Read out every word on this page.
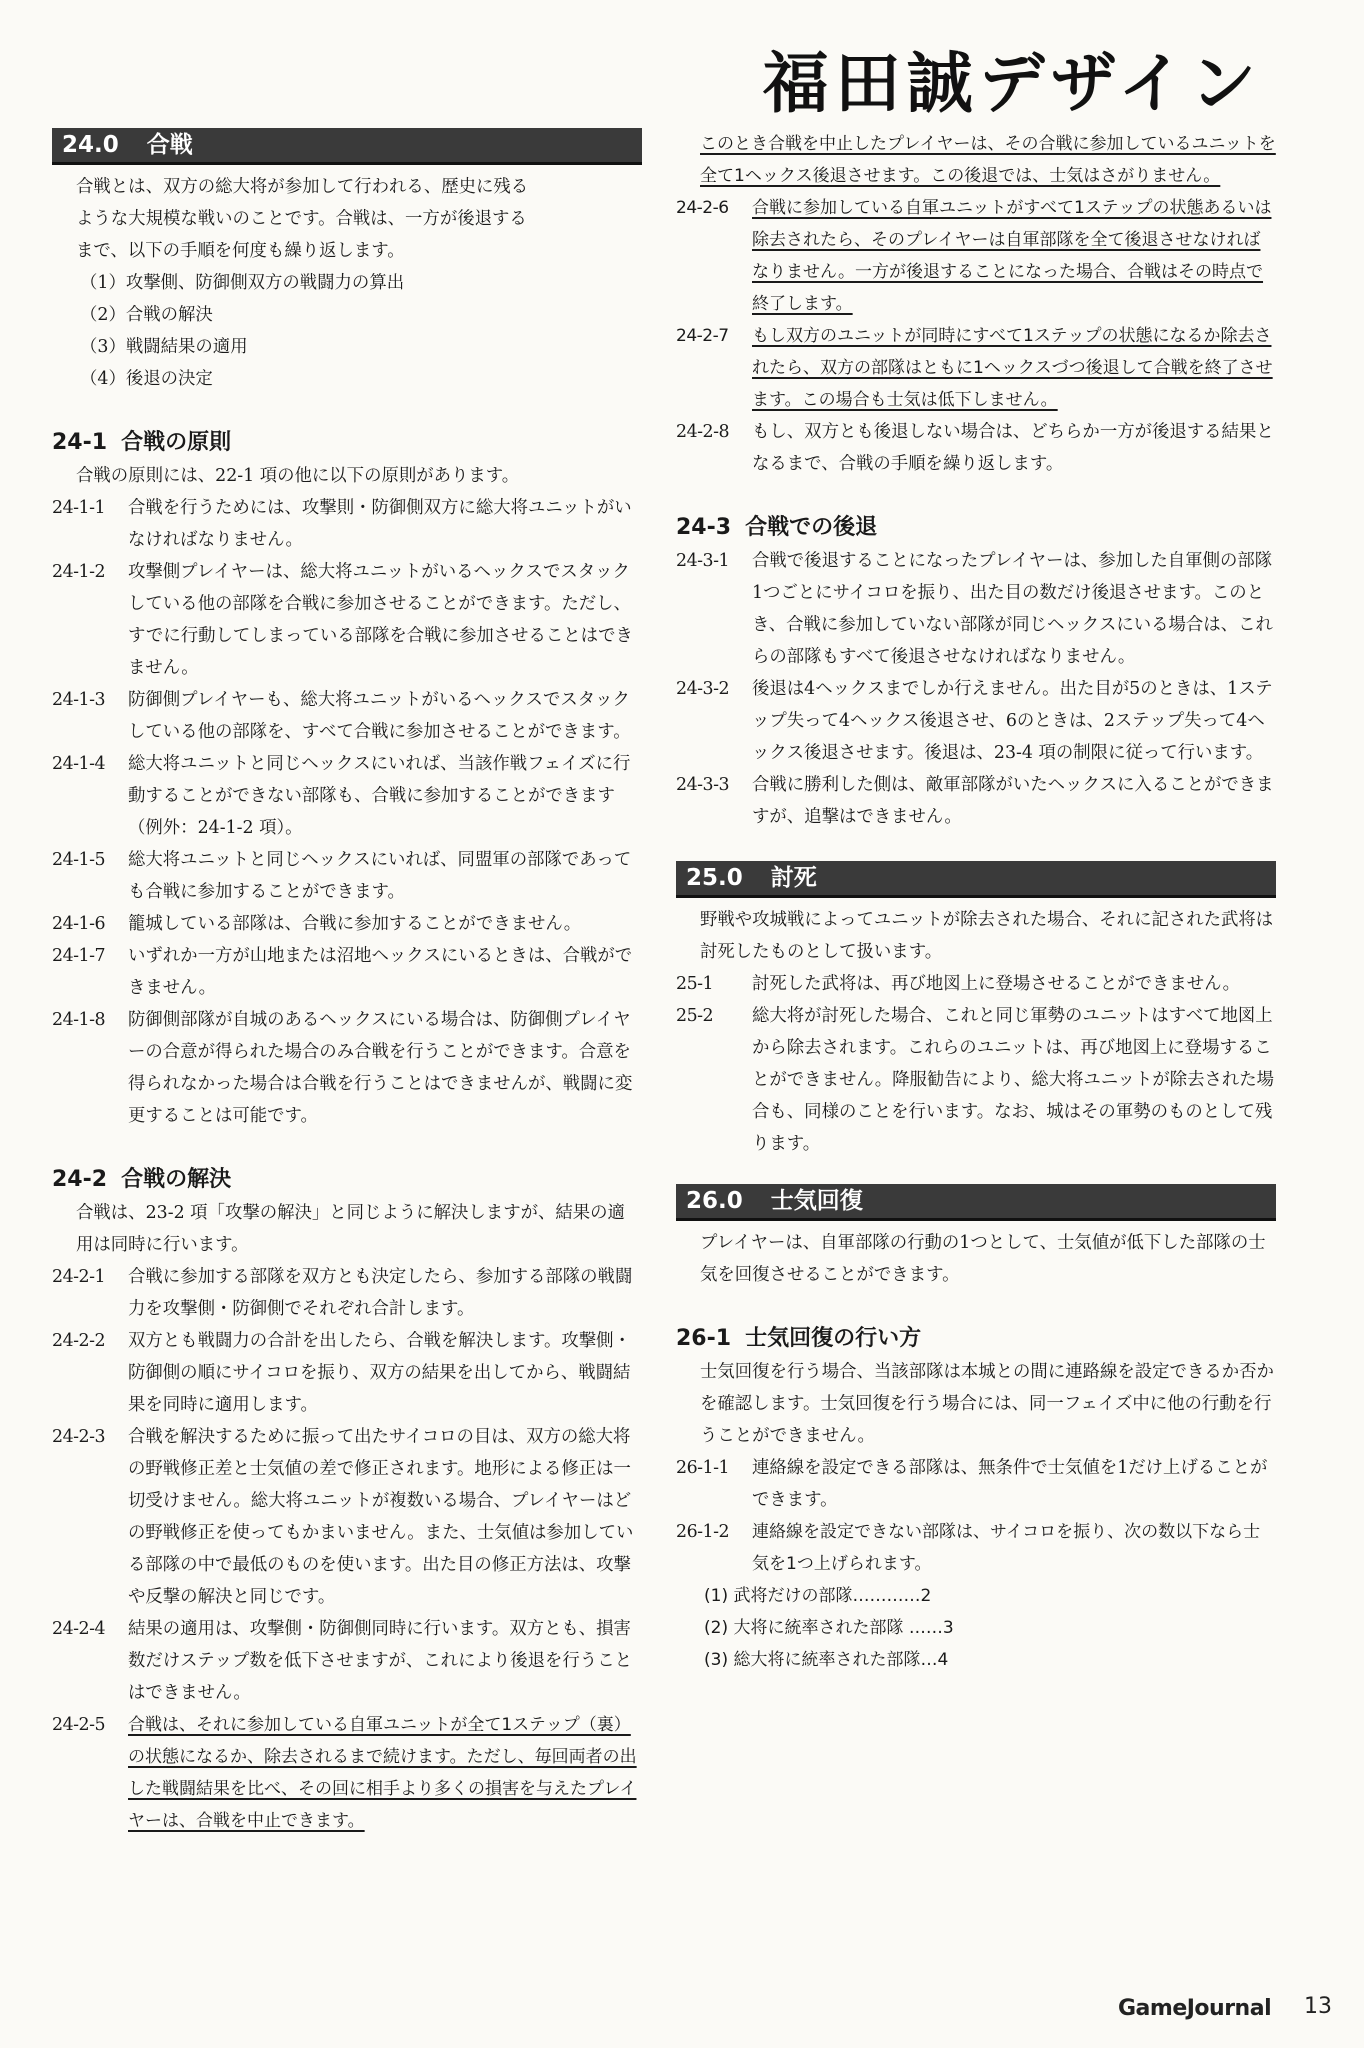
福田誠デザイン
24.0 合戦
合戦とは、双方の総大将が参加して行われる、歴史に残る
ような大規模な戦いのことです。合戦は、一方が後退する
まで、以下の手順を何度も繰り返します。
（1）攻撃側、防御側双方の戦闘力の算出
（2）合戦の解決
（3）戦闘結果の適用
（4）後退の決定
24-1 合戦の原則
合戦の原則には、22-1 項の他に以下の原則があります。
24-1-1	合戦を行うためには、攻撃則・防御側双方に総大将ユニットがいなければなりません。
24-1-2	攻撃側プレイヤーは、総大将ユニットがいるヘックスでスタックしている他の部隊を合戦に参加させることができます。ただし、すでに行動してしまっている部隊を合戦に参加させることはできません。
24-1-3	防御側プレイヤーも、総大将ユニットがいるヘックスでスタックしている他の部隊を、すべて合戦に参加させることができます。
24-1-4	総大将ユニットと同じヘックスにいれば、当該作戦フェイズに行動することができない部隊も、合戦に参加することができます（例外：24-1-2 項）。
24-1-5	総大将ユニットと同じヘックスにいれば、同盟軍の部隊であっても合戦に参加することができます。
24-1-6	籠城している部隊は、合戦に参加することができません。
24-1-7	いずれか一方が山地または沼地ヘックスにいるときは、合戦ができません。
24-1-8	防御側部隊が自城のあるヘックスにいる場合は、防御側プレイヤーの合意が得られた場合のみ合戦を行うことができます。合意を得られなかった場合は合戦を行うことはできませんが、戦闘に変更することは可能です。
24-2 合戦の解決
合戦は、23-2 項「攻撃の解決」と同じように解決しますが、結果の適用は同時に行います。
24-2-1	合戦に参加する部隊を双方とも決定したら、参加する部隊の戦闘力を攻撃側・防御側でそれぞれ合計します。
24-2-2	双方とも戦闘力の合計を出したら、合戦を解決します。攻撃側・防御側の順にサイコロを振り、双方の結果を出してから、戦闘結果を同時に適用します。
24-2-3	合戦を解決するために振って出たサイコロの目は、双方の総大将の野戦修正差と士気値の差で修正されます。地形による修正は一切受けません。総大将ユニットが複数いる場合、プレイヤーはどの野戦修正を使ってもかまいません。また、士気値は参加している部隊の中で最低のものを使います。出た目の修正方法は、攻撃や反撃の解決と同じです。
24-2-4	結果の適用は、攻撃側・防御側同時に行います。双方とも、損害数だけステップ数を低下させますが、これにより後退を行うことはできません。
24-2-5	合戦は、それに参加している自軍ユニットが全て1ステップ（裏）の状態になるか、除去されるまで続けます。ただし、毎回両者の出した戦闘結果を比べ、その回に相手より多くの損害を与えたプレイヤーは、合戦を中止できます。
このとき合戦を中止したプレイヤーは、その合戦に参加しているユニットを全て1ヘックス後退させます。この後退では、士気はさがりません。
24-2-6	合戦に参加している自軍ユニットがすべて1ステップの状態あるいは除去されたら、そのプレイヤーは自軍部隊を全て後退させなければなりません。一方が後退することになった場合、合戦はその時点で終了します。
24-2-7	もし双方のユニットが同時にすべて1ステップの状態になるか除去されたら、双方の部隊はともに1ヘックスづつ後退して合戦を終了させます。この場合も士気は低下しません。
24-2-8	もし、双方とも後退しない場合は、どちらか一方が後退する結果となるまで、合戦の手順を繰り返します。
24-3 合戦での後退
24-3-1	合戦で後退することになったプレイヤーは、参加した自軍側の部隊1つごとにサイコロを振り、出た目の数だけ後退させます。このとき、合戦に参加していない部隊が同じヘックスにいる場合は、これらの部隊もすべて後退させなければなりません。
24-3-2	後退は4ヘックスまでしか行えません。出た目が5のときは、1ステップ失って4ヘックス後退させ、6のときは、2ステップ失って4ヘックス後退させます。後退は、23-4 項の制限に従って行います。
24-3-3	合戦に勝利した側は、敵軍部隊がいたヘックスに入ることができますが、追撃はできません。
25.0 討死
野戦や攻城戦によってユニットが除去された場合、それに記された武将は討死したものとして扱います。
25-1	討死した武将は、再び地図上に登場させることができません。
25-2	総大将が討死した場合、これと同じ軍勢のユニットはすべて地図上から除去されます。これらのユニットは、再び地図上に登場することができません。降服勧告により、総大将ユニットが除去された場合も、同様のことを行います。なお、城はその軍勢のものとして残ります。
26.0 士気回復
プレイヤーは、自軍部隊の行動の1つとして、士気値が低下した部隊の士気を回復させることができます。
26-1 士気回復の行い方
士気回復を行う場合、当該部隊は本城との間に連路線を設定できるか否かを確認します。士気回復を行う場合には、同一フェイズ中に他の行動を行うことができません。
26-1-1	連絡線を設定できる部隊は、無条件で士気値を1だけ上げることができます。
26-1-2	連絡線を設定できない部隊は、サイコロを振り、次の数以下なら士気を1つ上げられます。
(1) 武将だけの部隊…………2
(2) 大将に統率された部隊 ……3
(3) 総大将に統率された部隊…4
GameJournal 13
